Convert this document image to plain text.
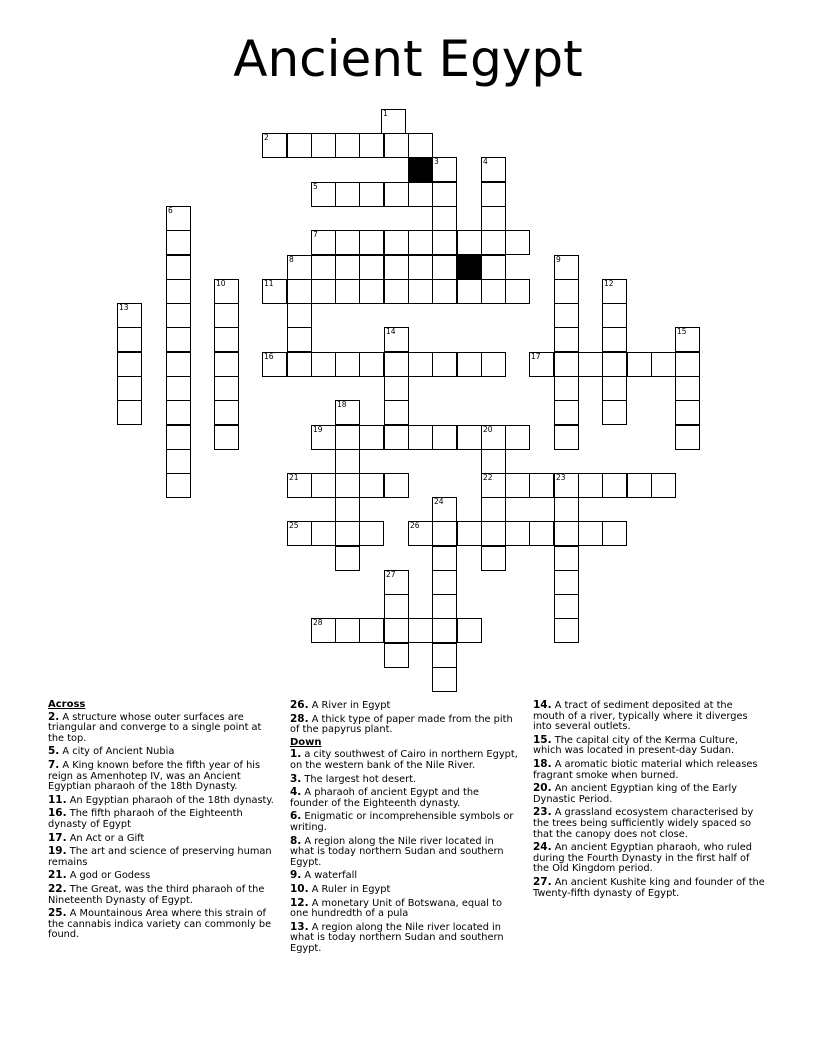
Ancient Egypt
1
2
3	4
5
6
7
8	9
10	11	12
13
14	15
16	17
18
19	20
21	22	23
24
25	26
27
28
Across
2. A structure whose outer surfaces are triangular and converge to a single point at the top.
5. A city of Ancient Nubia
7. A King known before the fifth year of his reign as Amenhotep IV, was an Ancient Egyptian pharaoh of the 18th Dynasty.
11. An Egyptian pharaoh of the 18th dynasty.
16. The fifth pharaoh of the Eighteenth dynasty of Egypt
17. An Act or a Gift
19. The art and science of preserving human remains
21. A god or Godess
22. The Great, was the third pharaoh of the Nineteenth Dynasty of Egypt.
25. A Mountainous Area where this strain of the cannabis indica variety can commonly be found.
26. A River in Egypt
28. A thick type of paper made from the pith of the papyrus plant.
Down
1. a city southwest of Cairo in northern Egypt, on the western bank of the Nile River.
3. The largest hot desert.
4. A pharaoh of ancient Egypt and the founder of the Eighteenth dynasty.
6. Enigmatic or incomprehensible symbols or writing.
8. A region along the Nile river located in what is today northern Sudan and southern Egypt.
9. A waterfall
10. A Ruler in Egypt
12. A monetary Unit of Botswana, equal to one hundredth of a pula
13. A region along the Nile river located in what is today northern Sudan and southern Egypt.
14. A tract of sediment deposited at the mouth of a river, typically where it diverges into several outlets.
15. The capital city of the Kerma Culture, which was located in present-day Sudan.
18. A aromatic biotic material which releases fragrant smoke when burned.
20. An ancient Egyptian king of the Early Dynastic Period.
23. A grassland ecosystem characterised by the trees being sufficiently widely spaced so that the canopy does not close.
24. An ancient Egyptian pharaoh, who ruled during the Fourth Dynasty in the first half of the Old Kingdom period.
27. An ancient Kushite king and founder of the Twenty-fifth dynasty of Egypt.
